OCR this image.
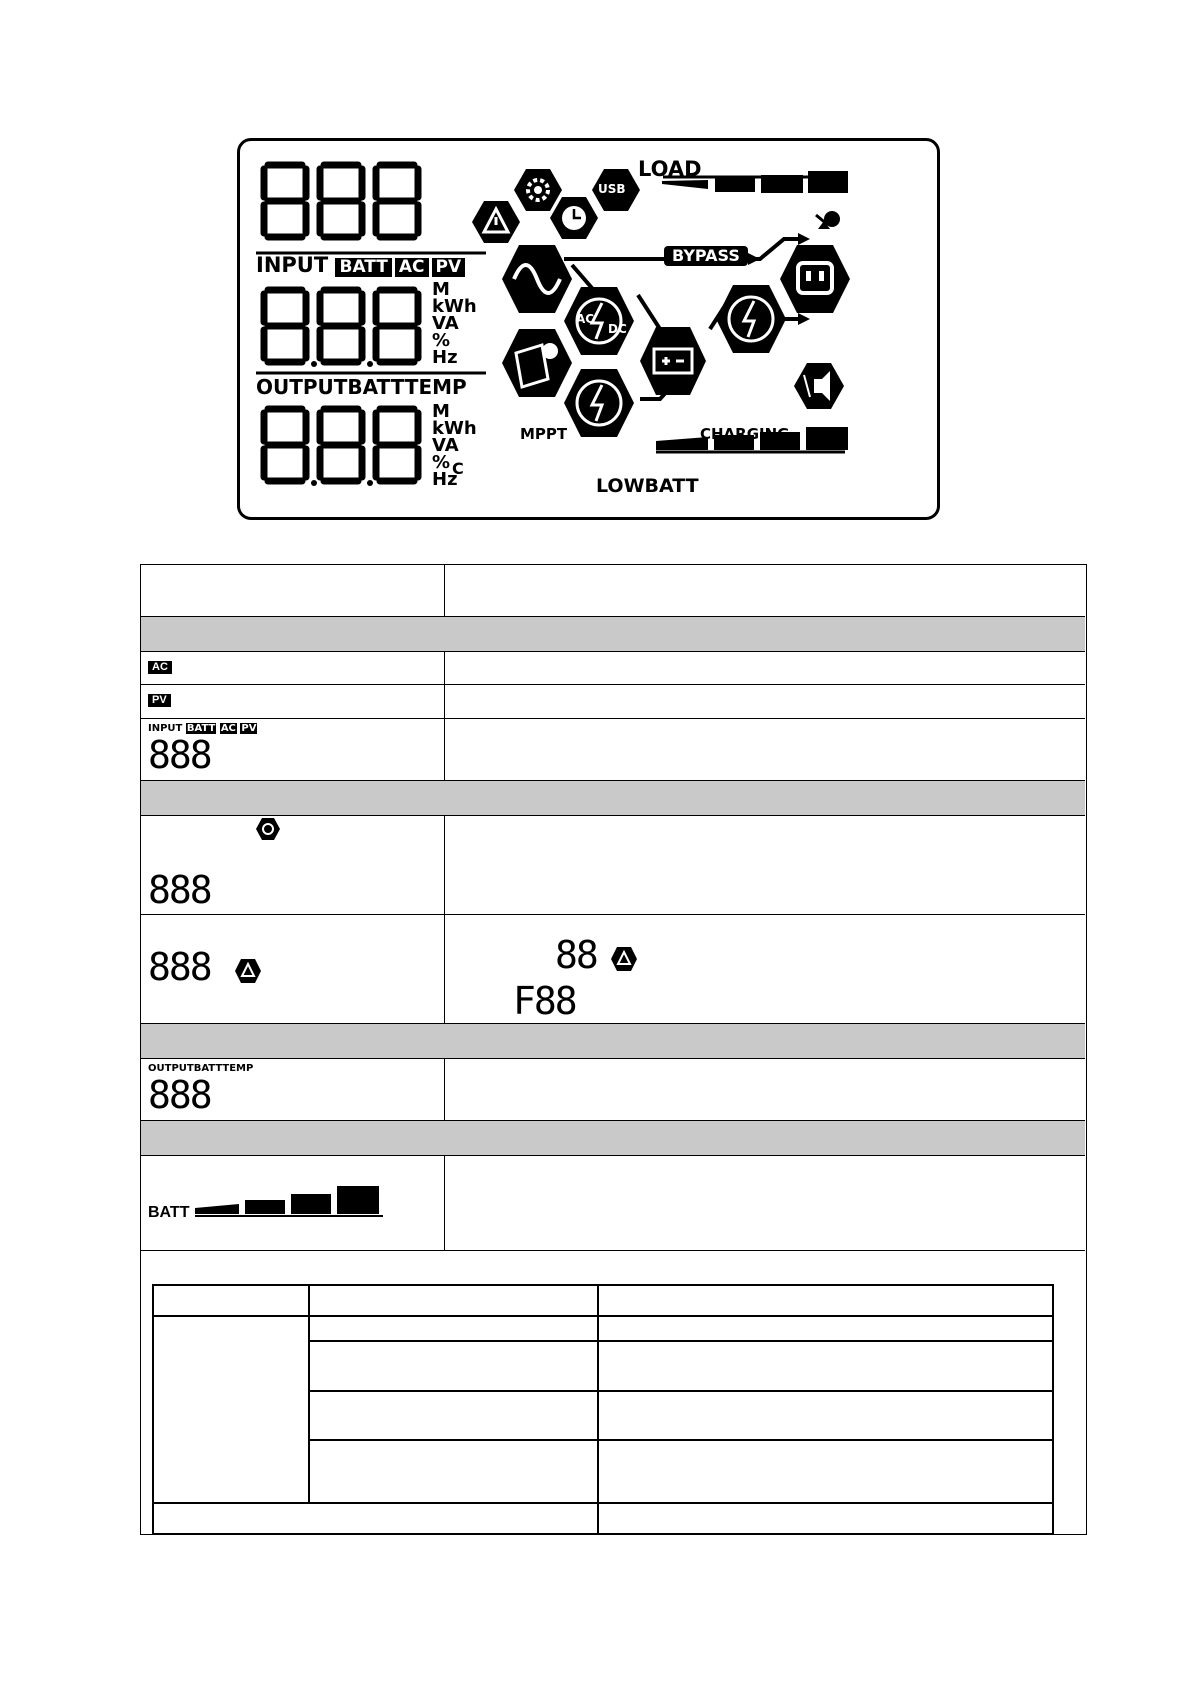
LOAD
USB
BYPASS
INPUT BATT AC PV
M
kWh
VA
%
Hz
OUTPUTBATTTEMP
M
kWh
VA
%
Hz
C
MPPT	CHARGING
LOWBATT
AC
DC
AC
PV
INPUT BATT AC PV
888
888
888	88
F88
OUTPUTBATTTEMP
888
BATT
